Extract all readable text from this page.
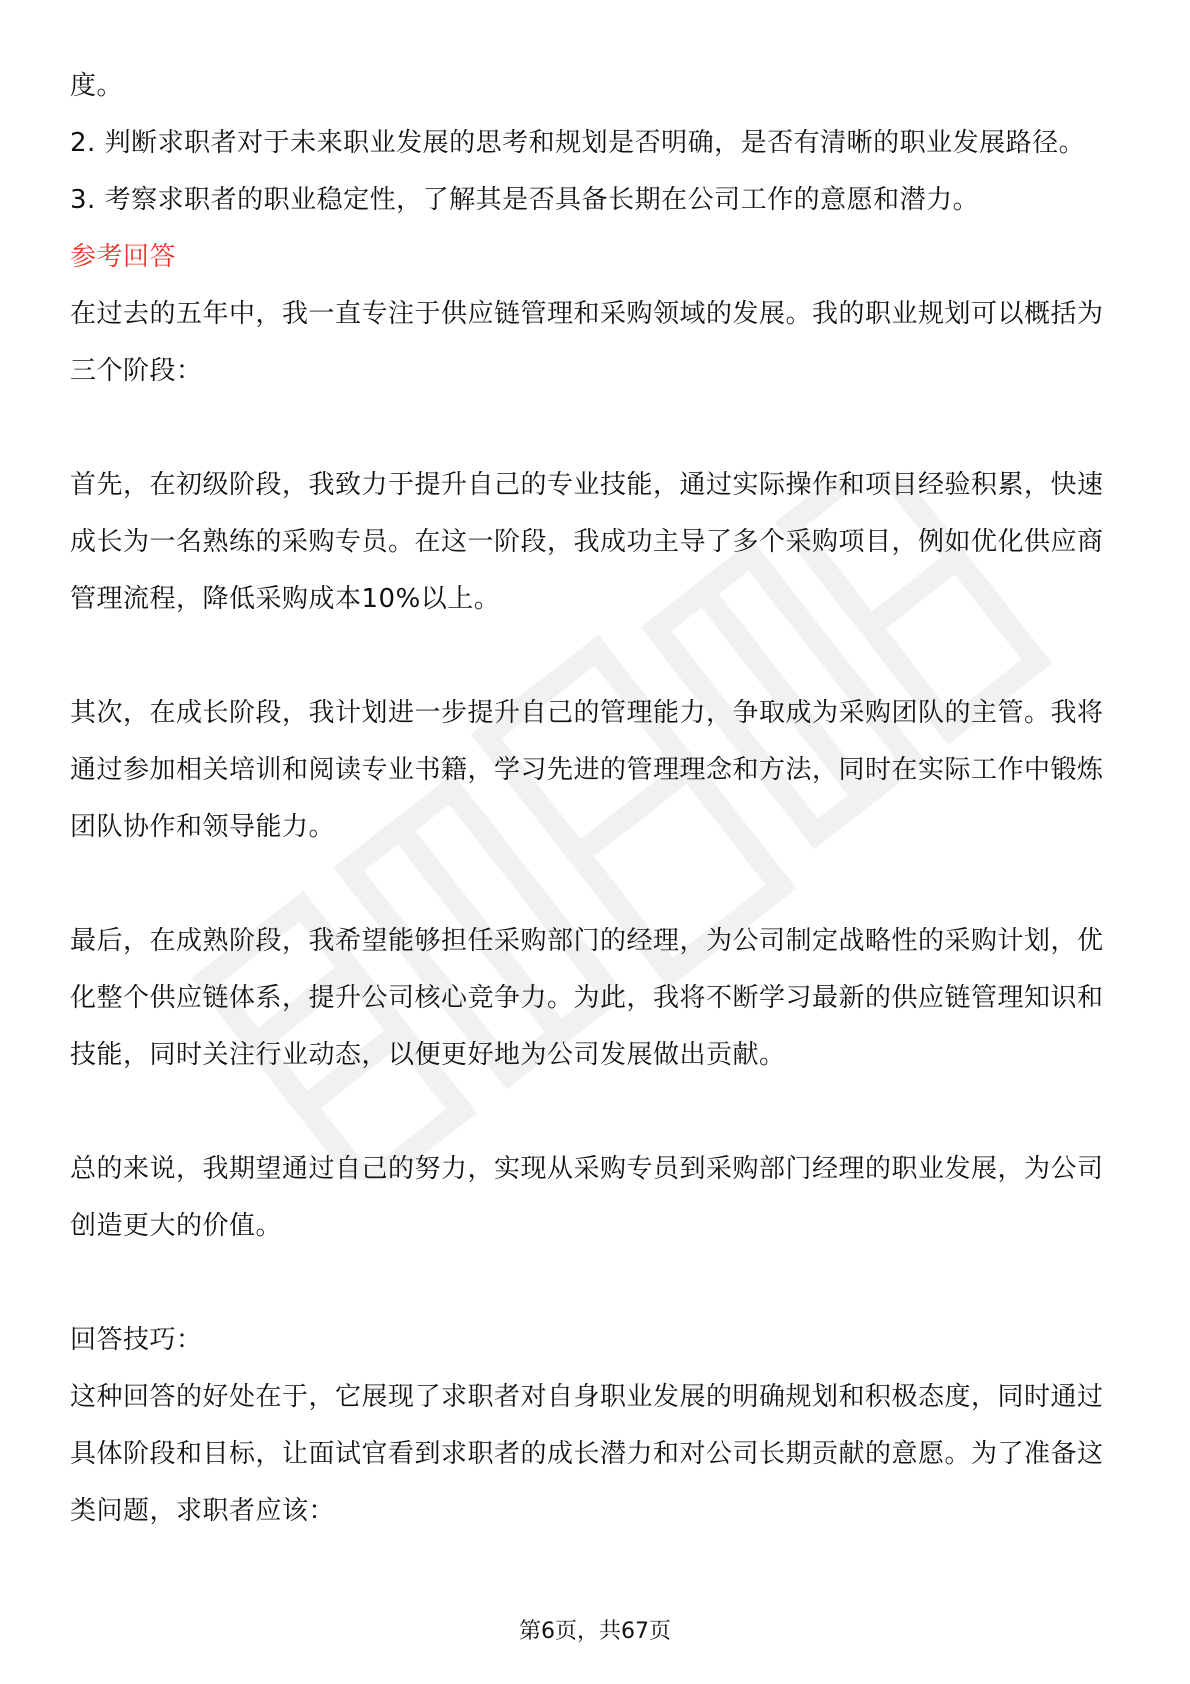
度。

2. 判断求职者对于未来职业发展的思考和规划是否明确，是否有清晰的职业发展路径。

3. 考察求职者的职业稳定性，了解其是否具备长期在公司工作的意愿和潜力。

参考回答

在过去的五年中，我一直专注于供应链管理和采购领域的发展。我的职业规划可以概括为三个阶段：

首先，在初级阶段，我致力于提升自己的专业技能，通过实际操作和项目经验积累，快速成长为一名熟练的采购专员。在这一阶段，我成功主导了多个采购项目，例如优化供应商管理流程，降低采购成本10%以上。

其次，在成长阶段，我计划进一步提升自己的管理能力，争取成为采购团队的主管。我将通过参加相关培训和阅读专业书籍，学习先进的管理理念和方法，同时在实际工作中锻炼团队协作和领导能力。

最后，在成熟阶段，我希望能够担任采购部门的经理，为公司制定战略性的采购计划，优化整个供应链体系，提升公司核心竞争力。为此，我将不断学习最新的供应链管理知识和技能，同时关注行业动态，以便更好地为公司发展做出贡献。

总的来说，我期望通过自己的努力，实现从采购专员到采购部门经理的职业发展，为公司创造更大的价值。

回答技巧：

这种回答的好处在于，它展现了求职者对自身职业发展的明确规划和积极态度，同时通过具体阶段和目标，让面试官看到求职者的成长潜力和对公司长期贡献的意愿。为了准备这类问题，求职者应该：

第6页，共67页
